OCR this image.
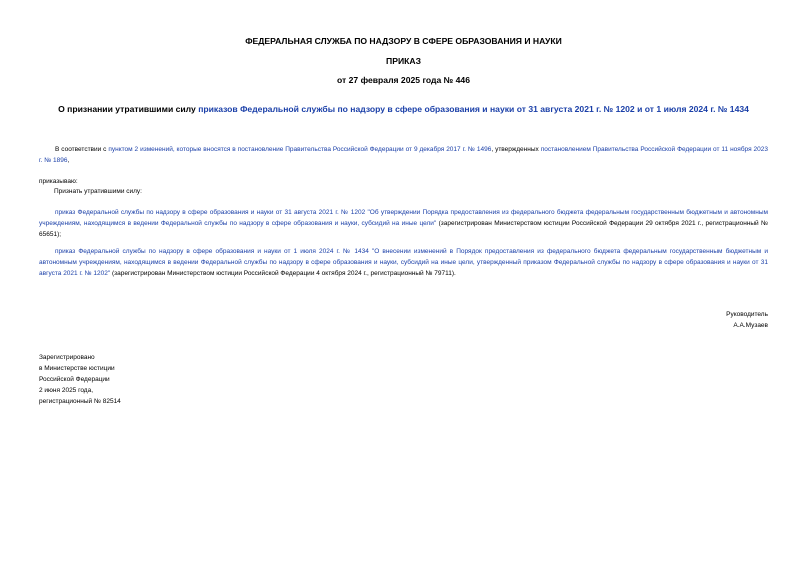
ФЕДЕРАЛЬНАЯ СЛУЖБА ПО НАДЗОРУ В СФЕРЕ ОБРАЗОВАНИЯ И НАУКИ
ПРИКАЗ
от 27 февраля 2025 года № 446
О признании утратившими силу приказов Федеральной службы по надзору в сфере образования и науки от 31 августа 2021 г. № 1202 и от 1 июля 2024 г. № 1434
В соответствии с пунктом 2 изменений, которые вносятся в постановление Правительства Российской Федерации от 9 декабря 2017 г. № 1496, утвержденных постановлением Правительства Российской Федерации от 11 ноября 2023 г. № 1896,
приказываю:
Признать утратившими силу:
приказ Федеральной службы по надзору в сфере образования и науки от 31 августа 2021 г. № 1202 "Об утверждении Порядка предоставления из федерального бюджета федеральным государственным бюджетным и автономным учреждениям, находящимся в ведении Федеральной службы по надзору в сфере образования и науки, субсидий на иные цели" (зарегистрирован Министерством юстиции Российской Федерации 29 октября 2021 г., регистрационный № 65651);
приказ Федеральной службы по надзору в сфере образования и науки от 1 июля 2024 г. № 1434 "О внесении изменений в Порядок предоставления из федерального бюджета федеральным государственным бюджетным и автономным учреждениям, находящимся в ведении Федеральной службы по надзору в сфере образования и науки, субсидий на иные цели, утвержденный приказом Федеральной службы по надзору в сфере образования и науки от 31 августа 2021 г. № 1202" (зарегистрирован Министерством юстиции Российской Федерации 4 октября 2024 г., регистрационный № 79711).
Руководитель
А.А.Музаев
Зарегистрировано
в Министерстве юстиции
Российской Федерации
2 июня 2025 года,
регистрационный № 82514
